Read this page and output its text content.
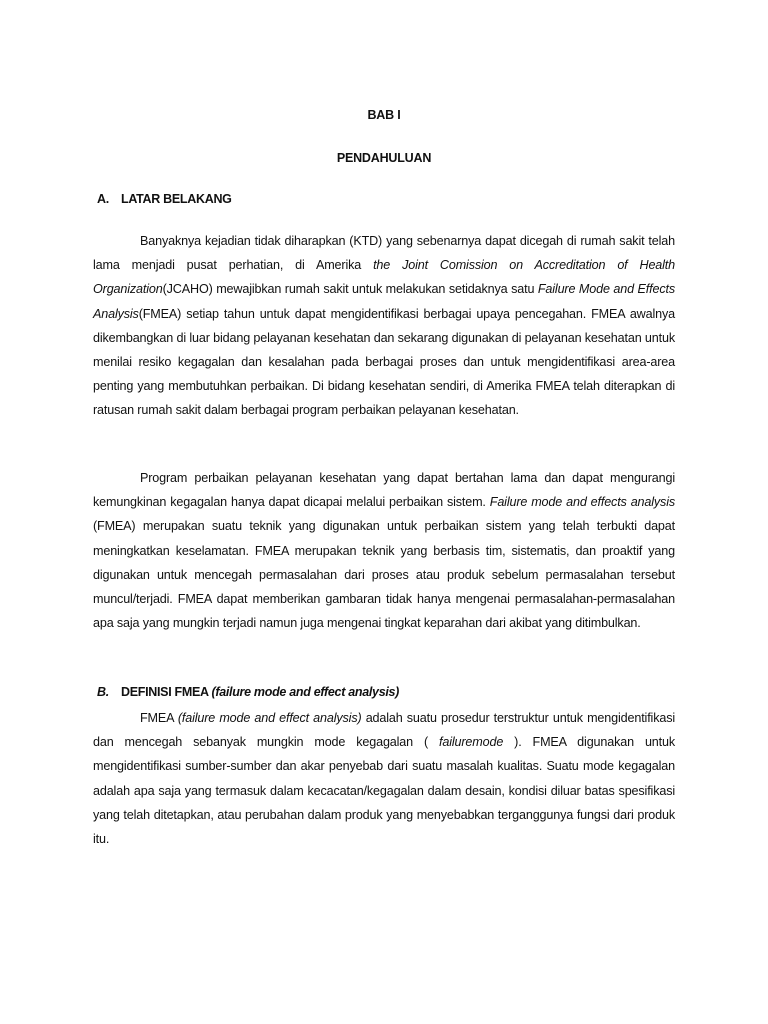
BAB I
PENDAHULUAN
A. LATAR BELAKANG

Banyaknya kejadian tidak diharapkan (KTD) yang sebenarnya dapat dicegah di rumah sakit telah lama menjadi pusat perhatian, di Amerika the Joint Comission on Accreditation of Health Organization(JCAHO) mewajibkan rumah sakit untuk melakukan setidaknya satu Failure Mode and Effects Analysis(FMEA) setiap tahun untuk dapat mengidentifikasi berbagai upaya pencegahan. FMEA awalnya dikembangkan di luar bidang pelayanan kesehatan dan sekarang digunakan di pelayanan kesehatan untuk menilai resiko kegagalan dan kesalahan pada berbagai proses dan untuk mengidentifikasi area-area penting yang membutuhkan perbaikan. Di bidang kesehatan sendiri, di Amerika FMEA telah diterapkan di ratusan rumah sakit dalam berbagai program perbaikan pelayanan kesehatan.

Program perbaikan pelayanan kesehatan yang dapat bertahan lama dan dapat mengurangi kemungkinan kegagalan hanya dapat dicapai melalui perbaikan sistem. Failure mode and effects analysis (FMEA) merupakan suatu teknik yang digunakan untuk perbaikan sistem yang telah terbukti dapat meningkatkan keselamatan. FMEA merupakan teknik yang berbasis tim, sistematis, dan proaktif yang digunakan untuk mencegah permasalahan dari proses atau produk sebelum permasalahan tersebut muncul/terjadi. FMEA dapat memberikan gambaran tidak hanya mengenai permasalahan-permasalahan apa saja yang mungkin terjadi namun juga mengenai tingkat keparahan dari akibat yang ditimbulkan.

B. DEFINISI FMEA (failure mode and effect analysis)

FMEA (failure mode and effect analysis) adalah suatu prosedur terstruktur untuk mengidentifikasi dan mencegah sebanyak mungkin mode kegagalan ( failuremode ). FMEA digunakan untuk mengidentifikasi sumber-sumber dan akar penyebab dari suatu masalah kualitas. Suatu mode kegagalan adalah apa saja yang termasuk dalam kecacatan/kegagalan dalam desain, kondisi diluar batas spesifikasi yang telah ditetapkan, atau perubahan dalam produk yang menyebabkan terganggunya fungsi dari produk itu.
